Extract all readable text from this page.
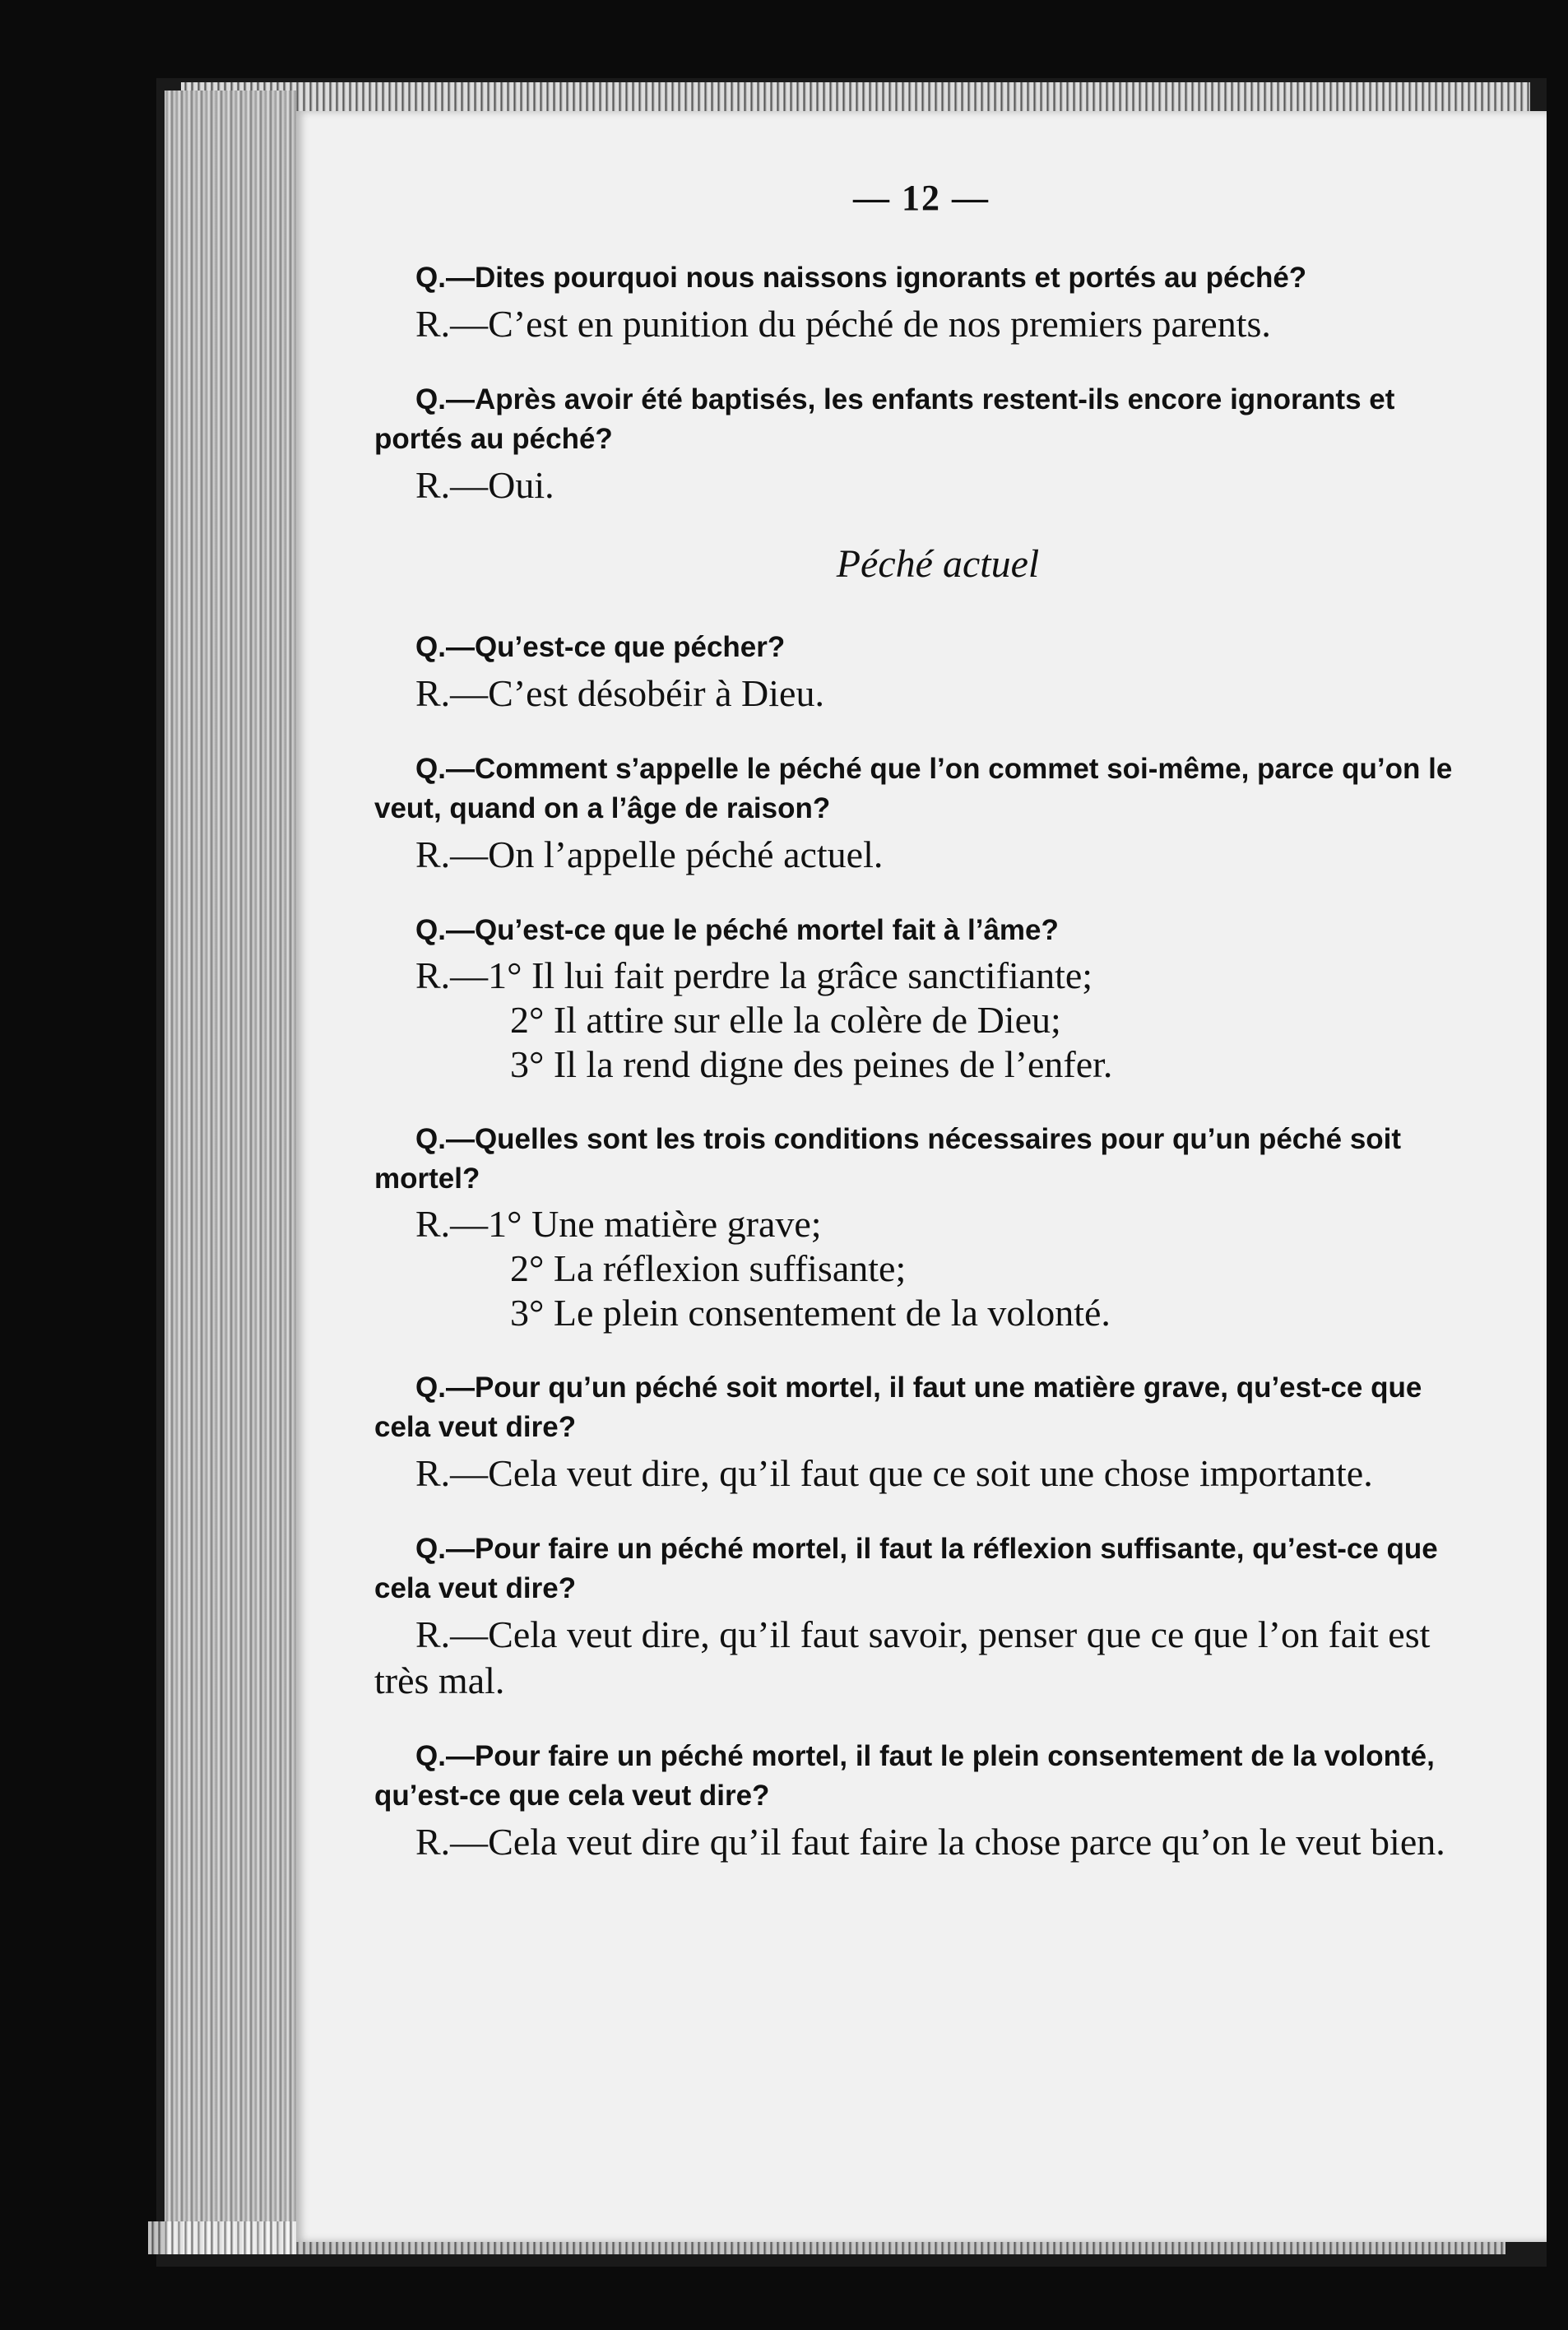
— 12 —

Q.—Dites pourquoi nous naissons ignorants et portés au péché?

R.—C’est en punition du péché de nos premiers parents.

Q.—Après avoir été baptisés, les enfants restent-ils encore ignorants et portés au péché?

R.—Oui.

Péché actuel

Q.—Qu’est-ce que pécher?

R.—C’est désobéir à Dieu.

Q.—Comment s’appelle le péché que l’on commet soi-même, parce qu’on le veut, quand on a l’âge de raison?

R.—On l’appelle péché actuel.

Q.—Qu’est-ce que le péché mortel fait à l’âme?

R.—1° Il lui fait perdre la grâce sanctifiante;
2° Il attire sur elle la colère de Dieu;
3° Il la rend digne des peines de l’enfer.

Q.—Quelles sont les trois conditions nécessaires pour qu’un péché soit mortel?

R.—1° Une matière grave;
2° La réflexion suffisante;
3° Le plein consentement de la volonté.

Q.—Pour qu’un péché soit mortel, il faut une matière grave, qu’est-ce que cela veut dire?

R.—Cela veut dire, qu’il faut que ce soit une chose importante.

Q.—Pour faire un péché mortel, il faut la réflexion suffisante, qu’est-ce que cela veut dire?

R.—Cela veut dire, qu’il faut savoir, penser que ce que l’on fait est très mal.

Q.—Pour faire un péché mortel, il faut le plein consentement de la volonté, qu’est-ce que cela veut dire?

R.—Cela veut dire qu’il faut faire la chose parce qu’on le veut bien.
